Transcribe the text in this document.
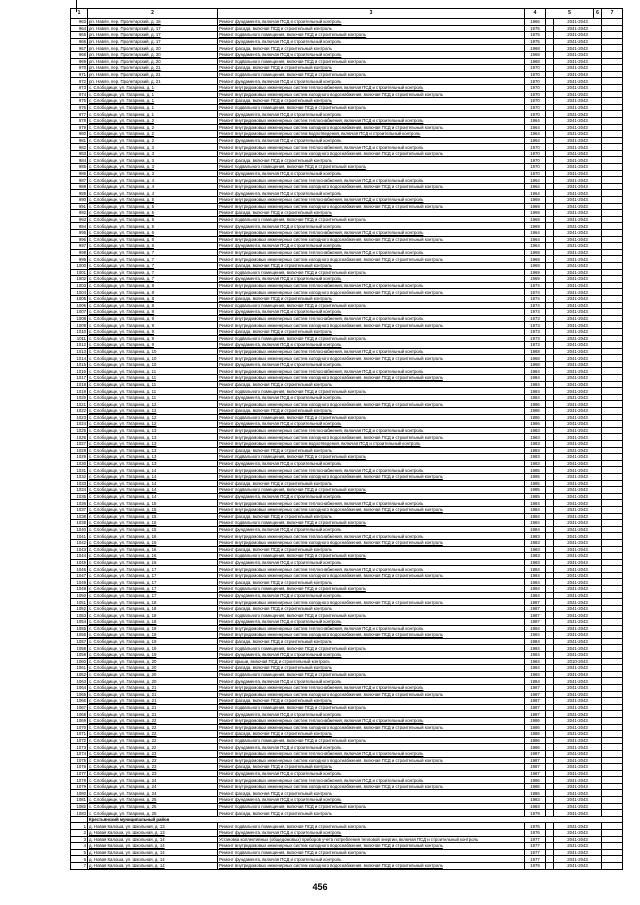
1	2	3	4	5		6	7
963	рп. Навля, пер. Пролетарский, д. 16	Ремонт фундамента, включая ПСД и строительный контроль	1966		2041-2043		
964	рп. Навля, пер. Пролетарский, д. 17	Ремонт фасада, включая ПСД и строительный контроль	1975		2041-2043		
965	рп. Навля, пер. Пролетарский, д. 17	Ремонт подвального помещения, включая ПСД и строительный контроль	1975		2041-2043		
966	рп. Навля, пер. Пролетарский, д. 17	Ремонт фундамента, включая ПСД и строительный контроль	1975		2041-2043		
967	рп. Навля, пер. Пролетарский, д. 20	Ремонт фасада, включая ПСД и строительный контроль	1968		2041-2043		
968	рп. Навля, пер. Пролетарский, д. 20	Ремонт фундамента, включая ПСД и строительный контроль	1968		2041-2043		
969	рп. Навля, пер. Пролетарский, д. 20	Ремонт подвального помещения, включая ПСД и строительный контроль	1968		2041-2043		
970	рп. Навля, пер. Пролетарский, д. 21	Ремонт фасада, включая ПСД и строительный контроль	1970		2041-2043		
971	рп. Навля, пер. Пролетарский, д. 21	Ремонт подвального помещения, включая ПСД и строительный контроль	1970		2041-2043		
972	рп. Навля, пер. Пролетарский, д. 21	Ремонт фундамента, включая ПСД и строительный контроль	1970		2041-2043		
973	с. Слободище, ул. Гагарина, д. 1	Ремонт внутридомовых инженерных систем теплоснабжения, включая ПСД и строительный контроль	1970		2041-2043		
974	с. Слободище, ул. Гагарина, д. 1	Ремонт внутридомовых инженерных систем холодного водоснабжения, включая ПСД и строительный контроль	1970		2041-2043		
975	с. Слободище, ул. Гагарина, д. 1	Ремонт фасада, включая ПСД и строительный контроль	1970		2041-2043		
976	с. Слободище, ул. Гагарина, д. 1	Ремонт подвального помещения, включая ПСД и строительный контроль	1970		2041-2043		
977	с. Слободище, ул. Гагарина, д. 1	Ремонт фундамента, включая ПСД и строительный контроль	1970		2041-2043		
978	с. Слободище, ул. Гагарина, д. 2	Ремонт внутридомовых инженерных систем теплоснабжения, включая ПСД и строительный контроль	1964		2041-2043		
979	с. Слободище, ул. Гагарина, д. 2	Ремонт внутридомовых инженерных систем холодного водоснабжения, включая ПСД и строительный контроль	1964		2041-2043		
980	с. Слободище, ул. Гагарина, д. 2	Ремонт внутридомовых инженерных систем водоотведения, включая ПСД и строительный контроль	1964		2041-2043		
981	с. Слободище, ул. Гагарина, д. 2	Ремонт фундамента, включая ПСД и строительный контроль	1964		2041-2043		
982	с. Слободище, ул. Гагарина, д. 3	Ремонт внутридомовых инженерных систем теплоснабжения, включая ПСД и строительный контроль	1970		2041-2043		
983	с. Слободище, ул. Гагарина, д. 3	Ремонт внутридомовых инженерных систем холодного водоснабжения, включая ПСД и строительный контроль	1970		2041-2043		
984	с. Слободище, ул. Гагарина, д. 3	Ремонт фасада, включая ПСД и строительный контроль	1970		2041-2043		
985	с. Слободище, ул. Гагарина, д. 3	Ремонт подвального помещения, включая ПСД и строительный контроль	1970		2041-2043		
986	с. Слободище, ул. Гагарина, д. 3	Ремонт фундамента, включая ПСД и строительный контроль	1970		2041-2043		
987	с. Слободище, ул. Гагарина, д. 4	Ремонт внутридомовых инженерных систем теплоснабжения, включая ПСД и строительный контроль	1964		2041-2043		
988	с. Слободище, ул. Гагарина, д. 4	Ремонт внутридомовых инженерных систем холодного водоснабжения, включая ПСД и строительный контроль	1964		2041-2043		
989	с. Слободище, ул. Гагарина, д. 4	Ремонт фундамента, включая ПСД и строительный контроль	1964		2041-2043		
990	с. Слободище, ул. Гагарина, д. 5	Ремонт внутридомовых инженерных систем теплоснабжения, включая ПСД и строительный контроль	1969		2041-2043		
991	с. Слободище, ул. Гагарина, д. 5	Ремонт внутридомовых инженерных систем холодного водоснабжения, включая ПСД и строительный контроль	1969		2041-2043		
992	с. Слободище, ул. Гагарина, д. 5	Ремонт фасада, включая ПСД и строительный контроль	1969		2041-2043		
993	с. Слободище, ул. Гагарина, д. 5	Ремонт подвального помещения, включая ПСД и строительный контроль	1969		2041-2043		
994	с. Слободище, ул. Гагарина, д. 5	Ремонт фундамента, включая ПСД и строительный контроль	1969		2041-2043		
995	с. Слободище, ул. Гагарина, д. 6	Ремонт внутридомовых инженерных систем теплоснабжения, включая ПСД и строительный контроль	1964		2041-2043		
996	с. Слободище, ул. Гагарина, д. 6	Ремонт внутридомовых инженерных систем холодного водоснабжения, включая ПСД и строительный контроль	1964		2041-2043		
997	с. Слободище, ул. Гагарина, д. 6	Ремонт фундамента, включая ПСД и строительный контроль	1964		2041-2043		
998	с. Слободище, ул. Гагарина, д. 7	Ремонт внутридомовых инженерных систем теплоснабжения, включая ПСД и строительный контроль	1969		2041-2043		
999	с. Слободище, ул. Гагарина, д. 7	Ремонт внутридомовых инженерных систем холодного водоснабжения, включая ПСД и строительный контроль	1969		2041-2043		
1000	с. Слободище, ул. Гагарина, д. 7	Ремонт фасада, включая ПСД и строительный контроль	1969		2041-2043		
1001	с. Слободище, ул. Гагарина, д. 7	Ремонт подвального помещения, включая ПСД и строительный контроль	1969		2041-2043		
1002	с. Слободище, ул. Гагарина, д. 7	Ремонт фундамента, включая ПСД и строительный контроль	1969		2041-2043		
1003	с. Слободище, ул. Гагарина, д. 8	Ремонт внутридомовых инженерных систем теплоснабжения, включая ПСД и строительный контроль	1974		2041-2043		
1004	с. Слободище, ул. Гагарина, д. 8	Ремонт внутридомовых инженерных систем холодного водоснабжения, включая ПСД и строительный контроль	1974		2041-2043		
1005	с. Слободище, ул. Гагарина, д. 8	Ремонт фасада, включая ПСД и строительный контроль	1974		2041-2043		
1006	с. Слободище, ул. Гагарина, д. 8	Ремонт подвального помещения, включая ПСД и строительный контроль	1974		2041-2043		
1007	с. Слободище, ул. Гагарина, д. 8	Ремонт фундамента, включая ПСД и строительный контроль	1974		2041-2043		
1008	с. Слободище, ул. Гагарина, д. 9	Ремонт внутридомовых инженерных систем теплоснабжения, включая ПСД и строительный контроль	1973		2041-2043		
1009	с. Слободище, ул. Гагарина, д. 9	Ремонт внутридомовых инженерных систем холодного водоснабжения, включая ПСД и строительный контроль	1973		2041-2043		
1010	с. Слободище, ул. Гагарина, д. 9	Ремонт фасада, включая ПСД и строительный контроль	1973		2041-2043		
1011	с. Слободище, ул. Гагарина, д. 9	Ремонт подвального помещения, включая ПСД и строительный контроль	1973		2041-2043		
1012	с. Слободище, ул. Гагарина, д. 9	Ремонт фундамента, включая ПСД и строительный контроль	1973		2041-2043		
1013	с. Слободище, ул. Гагарина, д. 10	Ремонт внутридомовых инженерных систем теплоснабжения, включая ПСД и строительный контроль	1968		2041-2043		
1014	с. Слободище, ул. Гагарина, д. 10	Ремонт внутридомовых инженерных систем холодного водоснабжения, включая ПСД и строительный контроль	1968		2041-2043		
1015	с. Слободище, ул. Гагарина, д. 10	Ремонт фундамента, включая ПСД и строительный контроль	1968		2041-2043		
1016	с. Слободище, ул. Гагарина, д. 11	Ремонт внутридомовых инженерных систем теплоснабжения, включая ПСД и строительный контроль	1984		2041-2043		
1017	с. Слободище, ул. Гагарина, д. 11	Ремонт внутридомовых инженерных систем холодного водоснабжения, включая ПСД и строительный контроль	1984		2041-2043		
1018	с. Слободище, ул. Гагарина, д. 11	Ремонт фасада, включая ПСД и строительный контроль	1984		2041-2043		
1019	с. Слободище, ул. Гагарина, д. 11	Ремонт подвального помещения, включая ПСД и строительный контроль	1984		2041-2043		
1020	с. Слободище, ул. Гагарина, д. 11	Ремонт фундамента, включая ПСД и строительный контроль	1984		2041-2043		
1021	с. Слободище, ул. Гагарина, д. 12	Ремонт внутридомовых инженерных систем холодного водоснабжения, включая ПСД и строительный контроль	1986		2041-2043		
1022	с. Слободище, ул. Гагарина, д. 12	Ремонт фасада, включая ПСД и строительный контроль	1986		2041-2043		
1023	с. Слободище, ул. Гагарина, д. 12	Ремонт подвального помещения, включая ПСД и строительный контроль	1986		2041-2043		
1024	с. Слободище, ул. Гагарина, д. 12	Ремонт фундамента, включая ПСД и строительный контроль	1986		2041-2043		
1025	с. Слободище, ул. Гагарина, д. 13	Ремонт внутридомовых инженерных систем теплоснабжения, включая ПСД и строительный контроль	1983		2041-2043		
1026	с. Слободище, ул. Гагарина, д. 13	Ремонт внутридомовых инженерных систем холодного водоснабжения, включая ПСД и строительный контроль	1983		2041-2043		
1027	с. Слободище, ул. Гагарина, д. 13	Ремонт внутридомовых инженерных систем водоотведения, включая ПСД и строительный контроль	1983		2041-2043		
1028	с. Слободище, ул. Гагарина, д. 13	Ремонт фасада, включая ПСД и строительный контроль	1983		2041-2043		
1029	с. Слободище, ул. Гагарина, д. 13	Ремонт подвального помещения, включая ПСД и строительный контроль	1983		2041-2043		
1030	с. Слободище, ул. Гагарина, д. 13	Ремонт фундамента, включая ПСД и строительный контроль	1983		2041-2043		
1031	с. Слободище, ул. Гагарина, д. 14	Ремонт внутридомовых инженерных систем теплоснабжения, включая ПСД и строительный контроль	1985		2041-2043		
1032	с. Слободище, ул. Гагарина, д. 14	Ремонт внутридомовых инженерных систем холодного водоснабжения, включая ПСД и строительный контроль	1985		2041-2043		
1033	с. Слободище, ул. Гагарина, д. 14	Ремонт фасада, включая ПСД и строительный контроль	1985		2041-2043		
1034	с. Слободище, ул. Гагарина, д. 14	Ремонт подвального помещения, включая ПСД и строительный контроль	1985		2041-2043		
1035	с. Слободище, ул. Гагарина, д. 14	Ремонт фундамента, включая ПСД и строительный контроль	1985		2041-2043		
1036	с. Слободище, ул. Гагарина, д. 15	Ремонт внутридомовых инженерных систем теплоснабжения, включая ПСД и строительный контроль	1984		2041-2043		
1037	с. Слободище, ул. Гагарина, д. 15	Ремонт внутридомовых инженерных систем холодного водоснабжения, включая ПСД и строительный контроль	1984		2041-2043		
1038	с. Слободище, ул. Гагарина, д. 15	Ремонт фасада, включая ПСД и строительный контроль	1984		2041-2043		
1039	с. Слободище, ул. Гагарина, д. 15	Ремонт подвального помещения, включая ПСД и строительный контроль	1984		2041-2043		
1040	с. Слободище, ул. Гагарина, д. 15	Ремонт фундамента, включая ПСД и строительный контроль	1984		2041-2043		
1041	с. Слободище, ул. Гагарина, д. 16	Ремонт внутридомовых инженерных систем теплоснабжения, включая ПСД и строительный контроль	1983		2041-2043		
1042	с. Слободище, ул. Гагарина, д. 16	Ремонт внутридомовых инженерных систем холодного водоснабжения, включая ПСД и строительный контроль	1983		2041-2043		
1043	с. Слободище, ул. Гагарина, д. 16	Ремонт фасада, включая ПСД и строительный контроль	1983		2041-2043		
1044	с. Слободище, ул. Гагарина, д. 16	Ремонт подвального помещения, включая ПСД и строительный контроль	1983		2041-2043		
1045	с. Слободище, ул. Гагарина, д. 16	Ремонт фундамента, включая ПСД и строительный контроль	1983		2041-2043		
1046	с. Слободище, ул. Гагарина, д. 17	Ремонт внутридомовых инженерных систем теплоснабжения, включая ПСД и строительный контроль	1984		2041-2043		
1047	с. Слободище, ул. Гагарина, д. 17	Ремонт внутридомовых инженерных систем холодного водоснабжения, включая ПСД и строительный контроль	1984		2041-2043		
1048	с. Слободище, ул. Гагарина, д. 17	Ремонт фасада, включая ПСД и строительный контроль	1984		2041-2043		
1049	с. Слободище, ул. Гагарина, д. 17	Ремонт подвального помещения, включая ПСД и строительный контроль	1984		2041-2043		
1050	с. Слободище, ул. Гагарина, д. 17	Ремонт фундамента, включая ПСД и строительный контроль	1984		2041-2043		
1051	с. Слободище, ул. Гагарина, д. 18	Ремонт внутридомовых инженерных систем холодного водоснабжения, включая ПСД и строительный контроль	1987		2041-2043		
1052	с. Слободище, ул. Гагарина, д. 18	Ремонт фасада, включая ПСД и строительный контроль	1987		2041-2043		
1053	с. Слободище, ул. Гагарина, д. 18	Ремонт подвального помещения, включая ПСД и строительный контроль	1987		2041-2043		
1054	с. Слободище, ул. Гагарина, д. 18	Ремонт фундамента, включая ПСД и строительный контроль	1987		2041-2043		
1055	с. Слободище, ул. Гагарина, д. 19	Ремонт внутридомовых инженерных систем теплоснабжения, включая ПСД и строительный контроль	1984		2041-2043		
1056	с. Слободище, ул. Гагарина, д. 19	Ремонт внутридомовых инженерных систем холодного водоснабжения, включая ПСД и строительный контроль	1984		2041-2043		
1057	с. Слободище, ул. Гагарина, д. 19	Ремонт фасада, включая ПСД и строительный контроль	1984		2041-2043		
1058	с. Слободище, ул. Гагарина, д. 19	Ремонт подвального помещения, включая ПСД и строительный контроль	1984		2041-2043		
1059	с. Слободище, ул. Гагарина, д. 19	Ремонт фундамента, включая ПСД и строительный контроль	1984		2041-2043		
1060	с. Слободище, ул. Гагарина, д. 20	Ремонт крыши, включая ПСД и строительный контроль	1984		2010-2043		
1061	с. Слободище, ул. Гагарина, д. 20	Ремонт фасада, включая ПСД и строительный контроль	1984		2041-2043		
1062	с. Слободище, ул. Гагарина, д. 20	Ремонт подвального помещения, включая ПСД и строительный контроль	1984		2041-2043		
1063	с. Слободище, ул. Гагарина, д. 20	Ремонт фундамента, включая ПСД и строительный контроль	1984		2041-2043		
1064	с. Слободище, ул. Гагарина, д. 21	Ремонт внутридомовых инженерных систем теплоснабжения, включая ПСД и строительный контроль	1987		2041-2043		
1065	с. Слободище, ул. Гагарина, д. 21	Ремонт внутридомовых инженерных систем холодного водоснабжения, включая ПСД и строительный контроль	1987		2041-2043		
1066	с. Слободище, ул. Гагарина, д. 21	Ремонт фасада, включая ПСД и строительный контроль	1987		2041-2043		
1067	с. Слободище, ул. Гагарина, д. 21	Ремонт подвального помещения, включая ПСД и строительный контроль	1987		2041-2043		
1068	с. Слободище, ул. Гагарина, д. 21	Ремонт фундамента, включая ПСД и строительный контроль	1987		2041-2043		
1069	с. Слободище, ул. Гагарина, д. 22	Ремонт внутридомовых инженерных систем теплоснабжения, включая ПСД и строительный контроль	1986		2041-2043		
1070	с. Слободище, ул. Гагарина, д. 22	Ремонт внутридомовых инженерных систем холодного водоснабжения, включая ПСД и строительный контроль	1986		2041-2043		
1071	с. Слободище, ул. Гагарина, д. 22	Ремонт фасада, включая ПСД и строительный контроль	1986		2041-2043		
1072	с. Слободище, ул. Гагарина, д. 22	Ремонт подвального помещения, включая ПСД и строительный контроль	1986		2041-2043		
1073	с. Слободище, ул. Гагарина, д. 22	Ремонт фундамента, включая ПСД и строительный контроль	1986		2041-2043		
1074	с. Слободище, ул. Гагарина, д. 23	Ремонт внутридомовых инженерных систем теплоснабжения, включая ПСД и строительный контроль	1987		2041-2043		
1075	с. Слободище, ул. Гагарина, д. 23	Ремонт внутридомовых инженерных систем холодного водоснабжения, включая ПСД и строительный контроль	1987		2041-2043		
1076	с. Слободище, ул. Гагарина, д. 23	Ремонт фасада, включая ПСД и строительный контроль	1987		2041-2043		
1077	с. Слободище, ул. Гагарина, д. 23	Ремонт фундамента, включая ПСД и строительный контроль	1987		2041-2043		
1078	с. Слободище, ул. Гагарина, д. 24	Ремонт внутридомовых инженерных систем теплоснабжения, включая ПСД и строительный контроль	1986		2041-2043		
1079	с. Слободище, ул. Гагарина, д. 24	Ремонт внутридомовых инженерных систем холодного водоснабжения, включая ПСД и строительный контроль	1986		2041-2043		
1080	с. Слободище, ул. Гагарина, д. 24	Ремонт фасада, включая ПСД и строительный контроль	1986		2041-2043		
1081	с. Слободище, ул. Гагарина, д. 25	Ремонт фундамента, включая ПСД и строительный контроль	1983		2041-2043		
1082	с. Слободище, ул. Гагарина, д. 25	Ремонт подвального помещения, включая ПСД и строительный контроль	1983		2041-2043		
1083	с. Слободище, ул. Гагарина, д. 25	Ремонт фасада, включая ПСД и строительный контроль	1979		2041-2043		
	Крестьянский муниципальный район						
1	д. Новая Калоша, ул. Школьная, д. 13	Ремонт подвального помещения, включая ПСД и строительный контроль	1976		2041-2043		
2	д. Новая Калоша, ул. Школьная, д. 13	Ремонт фундамента, включая ПСД и строительный контроль	1976		2041-2043		
3	д. Новая Калоша, ул. Школьная, д. 14	Установка коллективных (общедомовых) приборов учета потребления тепловой энергии, включая ПСД и строительный контроль	1977		2041-2043		
4	д. Новая Калоша, ул. Школьная, д. 14	Ремонт внутридомовых инженерных систем холодного водоснабжения, включая ПСД и строительный контроль	1977		2041-2043		
5	д. Новая Калоша, ул. Школьная, д. 14	Ремонт подвального помещения, включая ПСД и строительный контроль	1977		2041-2043		
6	д. Новая Калоша, ул. Школьная, д. 14	Ремонт фундамента, включая ПСД и строительный контроль	1977		2041-2043		
7	д. Новая Калоша, ул. Школьная, д. 14	Ремонт внутридомовых инженерных систем холодного водоснабжения, включая ПСД и строительный контроль	1979		2041-2043		
456
